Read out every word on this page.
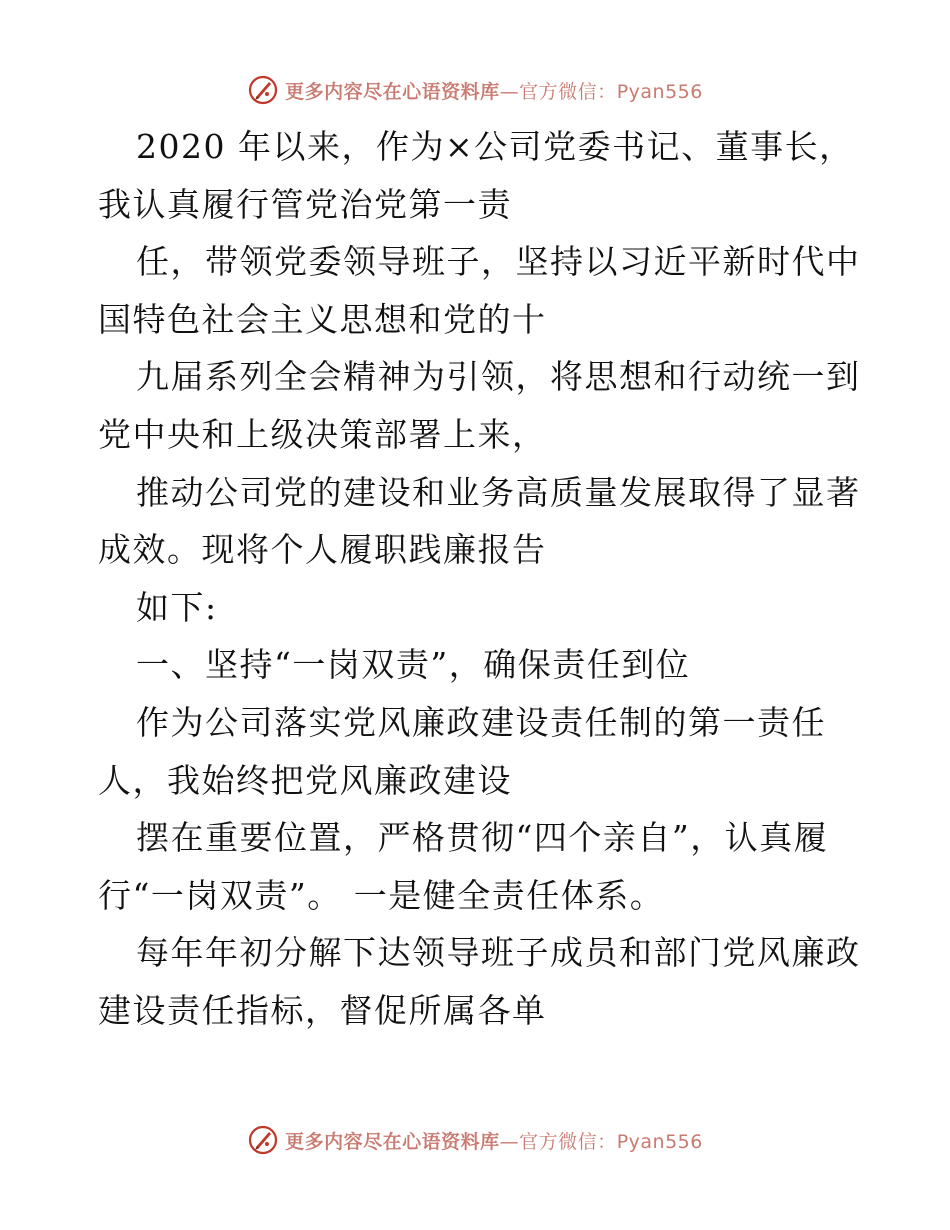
更多内容尽在心语资料库—官方微信：Pyan556
2020 年以来，作为×公司党委书记、董事长，
我认真履行管党治党第一责
任，带领党委领导班子，坚持以习近平新时代中
国特色社会主义思想和党的十
九届系列全会精神为引领，将思想和行动统一到
党中央和上级决策部署上来，
推动公司党的建设和业务高质量发展取得了显著
成效。现将个人履职践廉报告
如下:
一、坚持“一岗双责”，确保责任到位
作为公司落实党风廉政建设责任制的第一责任
人，我始终把党风廉政建设
摆在重要位置，严格贯彻“四个亲自”，认真履
行“一岗双责”。 一是健全责任体系。
每年年初分解下达领导班子成员和部门党风廉政
建设责任指标，督促所属各单
更多内容尽在心语资料库—官方微信：Pyan556
